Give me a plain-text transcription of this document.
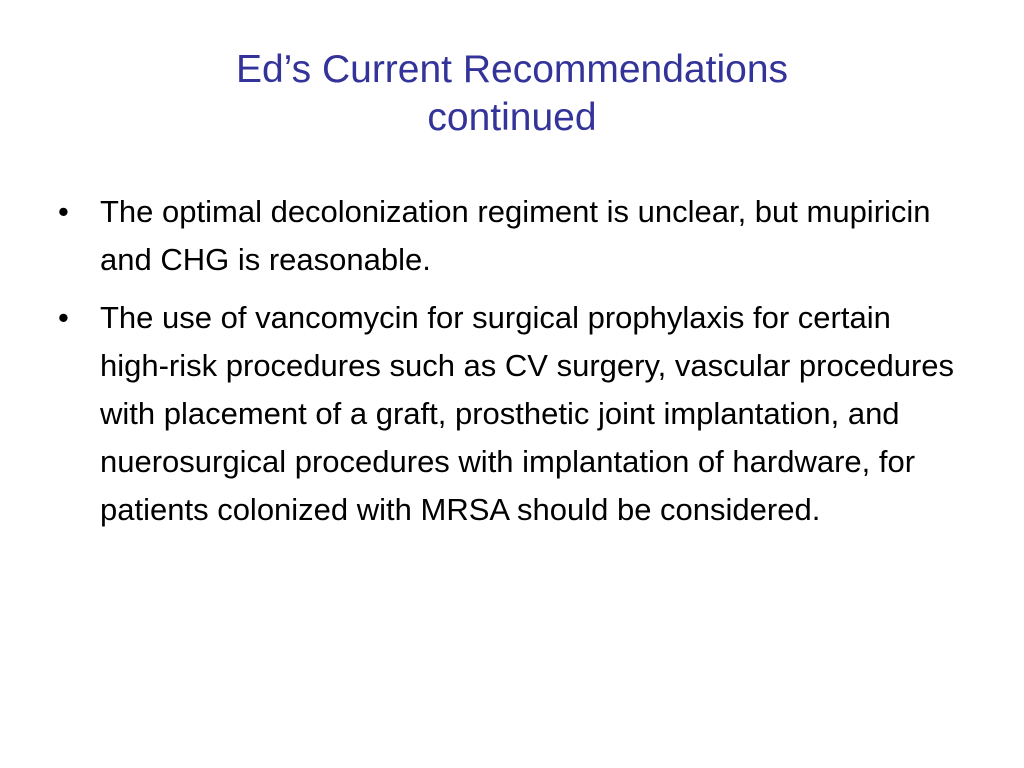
Ed’s Current Recommendations
continued
•	The optimal decolonization regiment is unclear, but mupiricin and CHG is reasonable.
•	The use of vancomycin for surgical prophylaxis for certain high-risk procedures such as CV surgery, vascular procedures with placement of a graft, prosthetic joint implantation, and nuerosurgical procedures with implantation of hardware, for patients colonized with MRSA should be considered.
